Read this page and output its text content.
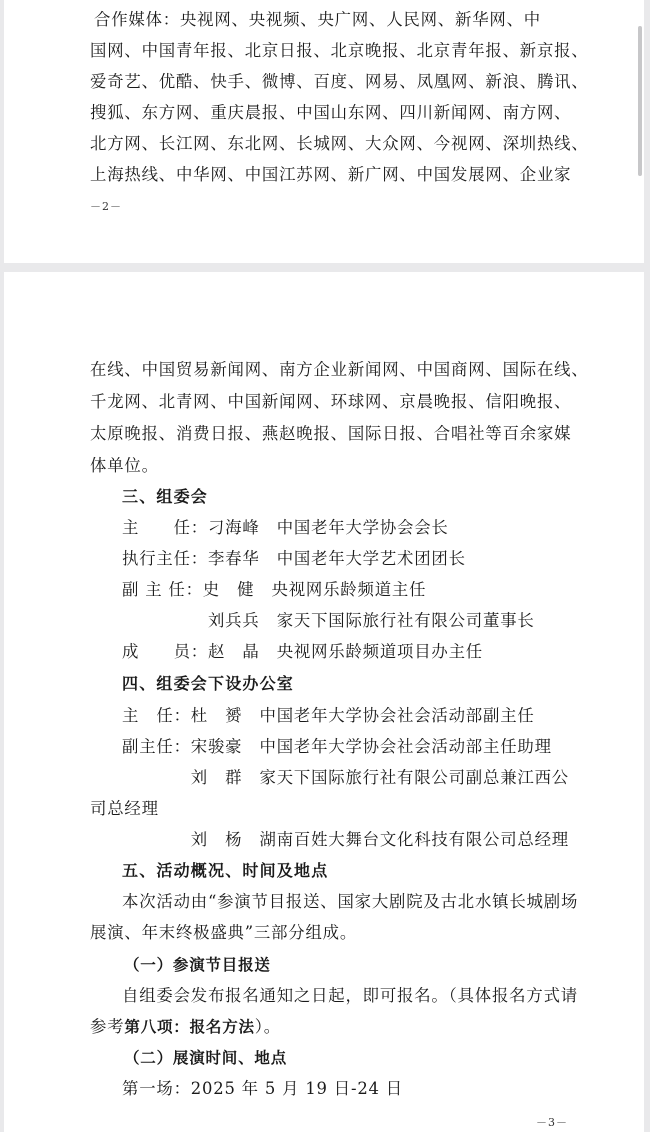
合作媒体：央视网、央视频、央广网、人民网、新华网、中
国网、中国青年报、北京日报、北京晚报、北京青年报、新京报、
爱奇艺、优酷、快手、微博、百度、网易、凤凰网、新浪、腾讯、
搜狐、东方网、重庆晨报、中国山东网、四川新闻网、南方网、
北方网、长江网、东北网、长城网、大众网、今视网、深圳热线、
上海热线、中华网、中国江苏网、新广网、中国发展网、企业家
－2－
在线、中国贸易新闻网、南方企业新闻网、中国商网、国际在线、
千龙网、北青网、中国新闻网、环球网、京晨晚报、信阳晚报、
太原晚报、消费日报、燕赵晚报、国际日报、合唱社等百余家媒
体单位。
三、组委会
主　　任：刁海峰　中国老年大学协会会长
执行主任：李春华　中国老年大学艺术团团长
副 主 任：史　健　央视网乐龄频道主任
　　　　　刘兵兵　家天下国际旅行社有限公司董事长
成　　员：赵　晶　央视网乐龄频道项目办主任
四、组委会下设办公室
主　任：杜　赟　中国老年大学协会社会活动部副主任
副主任：宋骏豪　中国老年大学协会社会活动部主任助理
　　　　刘　群　家天下国际旅行社有限公司副总兼江西公
司总经理
　　　　刘　杨　湖南百姓大舞台文化科技有限公司总经理
五、活动概况、时间及地点
本次活动由“参演节目报送、国家大剧院及古北水镇长城剧场
展演、年末终极盛典”三部分组成。
（一）参演节目报送
自组委会发布报名通知之日起，即可报名。（具体报名方式请
参考第八项：报名方法）。
（二）展演时间、地点
第一场：2025 年 5 月 19 日-24 日
－3－
